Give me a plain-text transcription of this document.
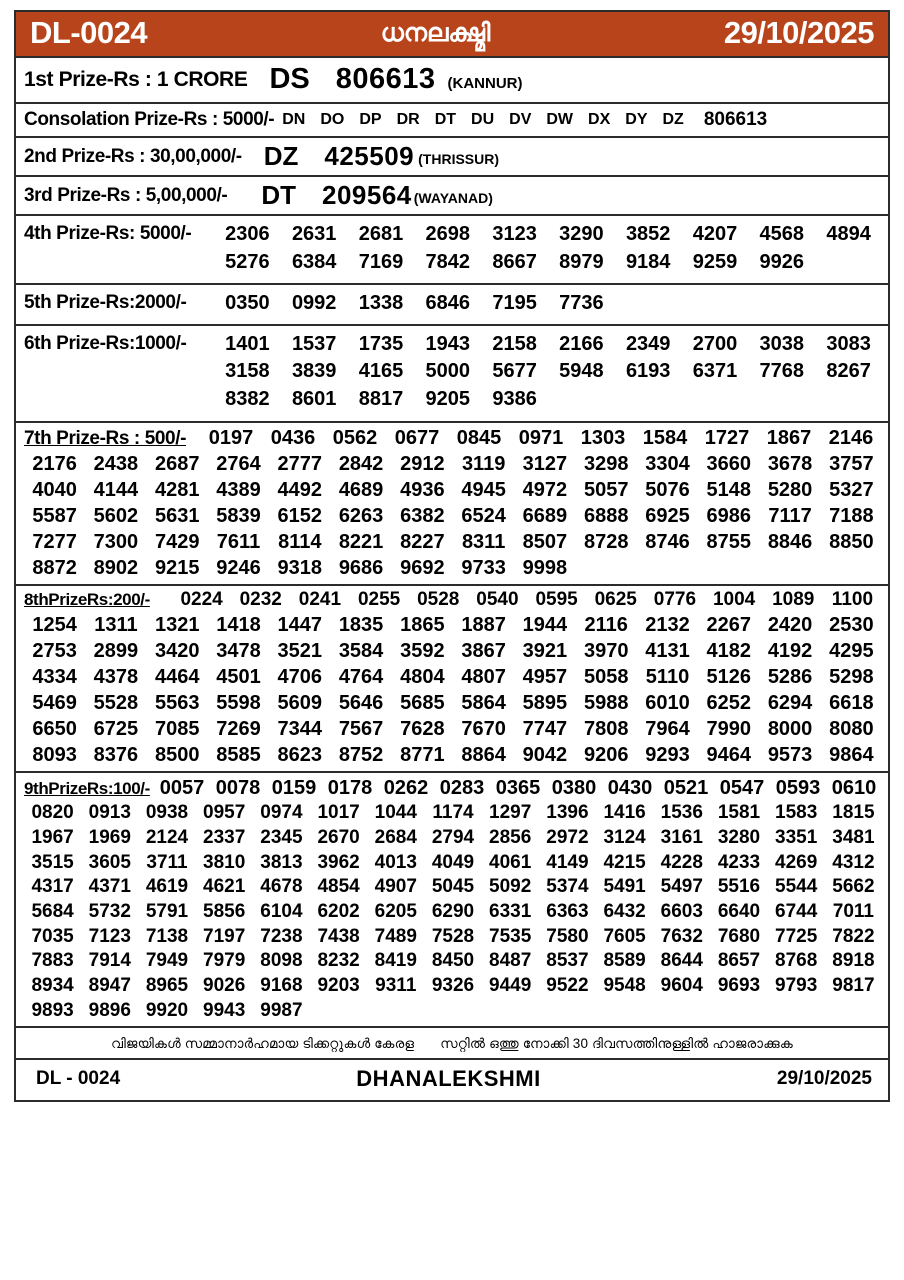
DL-0024	ധനലക്ഷ്മി	29/10/2025
1st Prize-Rs : 1 CRORE DS 806613 (KANNUR)
Consolation Prize-Rs : 5000/- DN DO DP DR DT DU DV DW DX DY DZ 806613
2nd Prize-Rs : 30,00,000/- DZ 425509 (THRISSUR)
3rd Prize-Rs : 5,00,000/- DT 209564 (WAYANAD)
4th Prize-Rs: 5000/-	2306	2631	2681	2698	3123	3290	3852	4207	4568	4894
5276	6384	7169	7842	8667	8979	9184	9259	9926
5th Prize-Rs:2000/-	0350	0992	1338	6846	7195	7736
6th Prize-Rs:1000/-	1401	1537	1735	1943	2158	2166	2349	2700	3038	3083
3158	3839	4165	5000	5677	5948	6193	6371	7768	8267
8382	8601	8817	9205	9386
7th Prize-Rs : 500/-	0197 0436 0562 0677 0845 0971 1303 1584 1727 1867 2146
2176 2438 2687 2764 2777 2842 2912 3119 3127 3298 3304 3660 3678 3757
4040 4144 4281 4389 4492 4689 4936 4945 4972 5057 5076 5148 5280 5327
5587 5602 5631 5839 6152 6263 6382 6524 6689 6888 6925 6986 7117 7188
7277 7300 7429 7611 8114 8221 8227 8311 8507 8728 8746 8755 8846 8850
8872 8902 9215 9246 9318 9686 9692 9733 9998
8thPrizeRs:200/-	0224 0232 0241 0255 0528 0540 0595 0625 0776 1004 1089 1100
1254 1311 1321 1418 1447 1835 1865 1887 1944 2116 2132 2267 2420 2530
2753 2899 3420 3478 3521 3584 3592 3867 3921 3970 4131 4182 4192 4295
4334 4378 4464 4501 4706 4764 4804 4807 4957 5058 5110 5126 5286 5298
5469 5528 5563 5598 5609 5646 5685 5864 5895 5988 6010 6252 6294 6618
6650 6725 7085 7269 7344 7567 7628 7670 7747 7808 7964 7990 8000 8080
8093 8376 8500 8585 8623 8752 8771 8864 9042 9206 9293 9464 9573 9864
9thPrizeRs:100/- 0057 0078 0159 0178 0262 0283 0365 0380 0430 0521 0547 0593 0610
0820 0913 0938 0957 0974 1017 1044 1174 1297 1396 1416 1536 1581 1583 1815
1967 1969 2124 2337 2345 2670 2684 2794 2856 2972 3124 3161 3280 3351 3481
3515 3605 3711 3810 3813 3962 4013 4049 4061 4149 4215 4228 4233 4269 4312
4317 4371 4619 4621 4678 4854 4907 5045 5092 5374 5491 5497 5516 5544 5662
5684 5732 5791 5856 6104 6202 6205 6290 6331 6363 6432 6603 6640 6744 7011
7035 7123 7138 7197 7238 7438 7489 7528 7535 7580 7605 7632 7680 7725 7822
7883 7914 7949 7979 8098 8232 8419 8450 8487 8537 8589 8644 8657 8768 8918
8934 8947 8965 9026 9168 9203 9311 9326 9449 9522 9548 9604 9693 9793 9817
9893 9896 9920 9943 9987
വിജയികൾ സമ്മാനാർഹമായ ടിക്കറ്റുകൾ കേരള സറ്റിൽ ഒത്തു നോക്കി 30 ദിവസത്തിനുള്ളിൽ ഹാജരാക്കുക
DL - 0024	DHANALEKSHMI	29/10/2025
